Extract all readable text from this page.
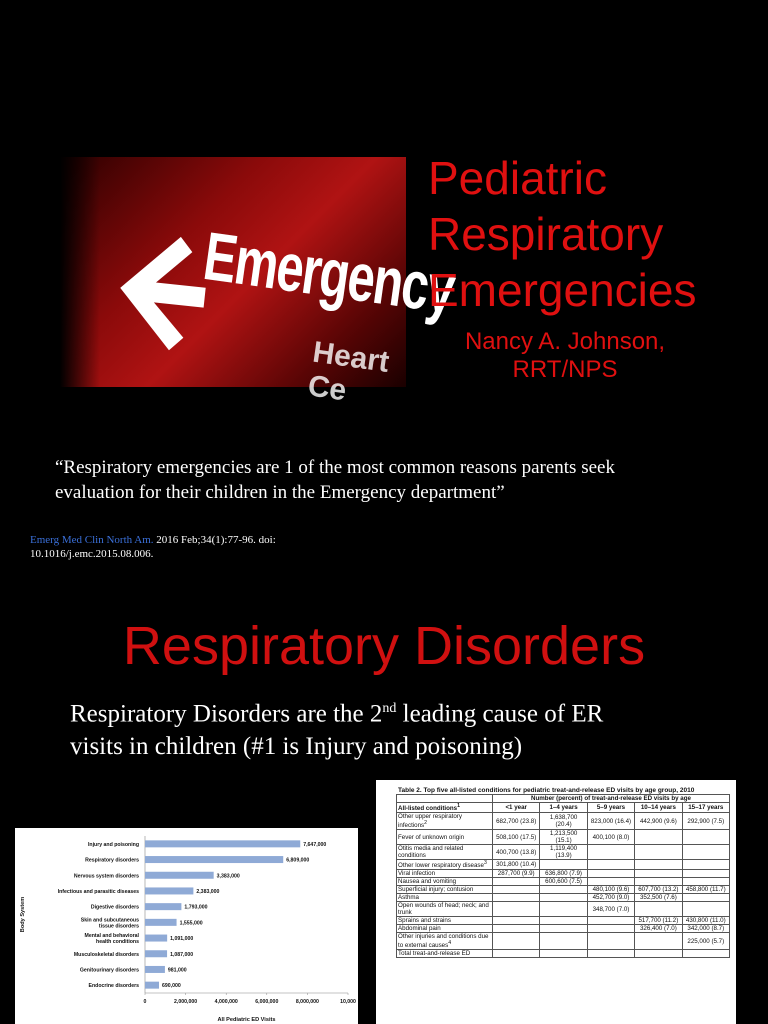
Emergency
Heart Ce
Pediatric
Respiratory
Emergencies
Nancy A. Johnson,
RRT/NPS
“Respiratory emergencies are 1 of the most common reasons parents seek
evaluation for their children in the Emergency department”
Emerg Med Clin North Am. 2016 Feb;34(1):77-96. doi:
10.1016/j.emc.2015.08.006.
Respiratory Disorders
Respiratory Disorders are the 2nd leading cause of ER
visits in children (#1 is Injury and poisoning)
7,647,000
Injury and poisoning
6,809,000
Respiratory disorders
3,383,000
Nervous system disorders
2,383,000
Infectious and parasitic diseases
1,793,000
Digestive disorders
1,555,000
Skin and subcutaneous
tissue disorders
1,091,000
Mental and behavioral
health conditions
1,087,000
Musculoskeletal disorders
981,000
Genitourinary disorders
690,000
Endocrine disorders
0	2,000,000	4,000,000	6,000,000	8,000,000	10,000
All Pediatric ED Visits
Body System
Table 2. Top five all-listed conditions for pediatric treat-and-release ED visits by age group, 2010
	Number (percent) of treat-and-release ED visits by age				
All-listed conditions$^1$	<1 year	1–4 years	5–9 years	10–14 years	15–17 years
Other upper respiratory infections$^2$	682,700 (23.8)	1,638,700 (20.4)	823,000 (16.4)	442,900 (9.6)	292,900 (7.5)
Fever of unknown origin	508,100 (17.5)	1,213,500 (15.1)	400,100 (8.0)		
Otitis media and related conditions	400,700 (13.8)	1,119,400 (13.9)			
Other lower respiratory disease$^3$	301,800 (10.4)				
Viral infection	287,700 (9.9)	636,800 (7.9)			
Nausea and vomiting		600,600 (7.5)			
Superficial injury; contusion			480,100 (9.6)	607,700 (13.2)	458,800 (11.7)
Asthma			452,700 (9.0)	352,500 (7.6)	
Open wounds of head; neck; and trunk			348,700 (7.0)		
Sprains and strains				517,700 (11.2)	430,800 (11.0)
Abdominal pain				326,400 (7.0)	342,000 (8.7)
Other injuries and conditions due to external causes$^4$					225,000 (5.7)
Total treat-and-release ED					
